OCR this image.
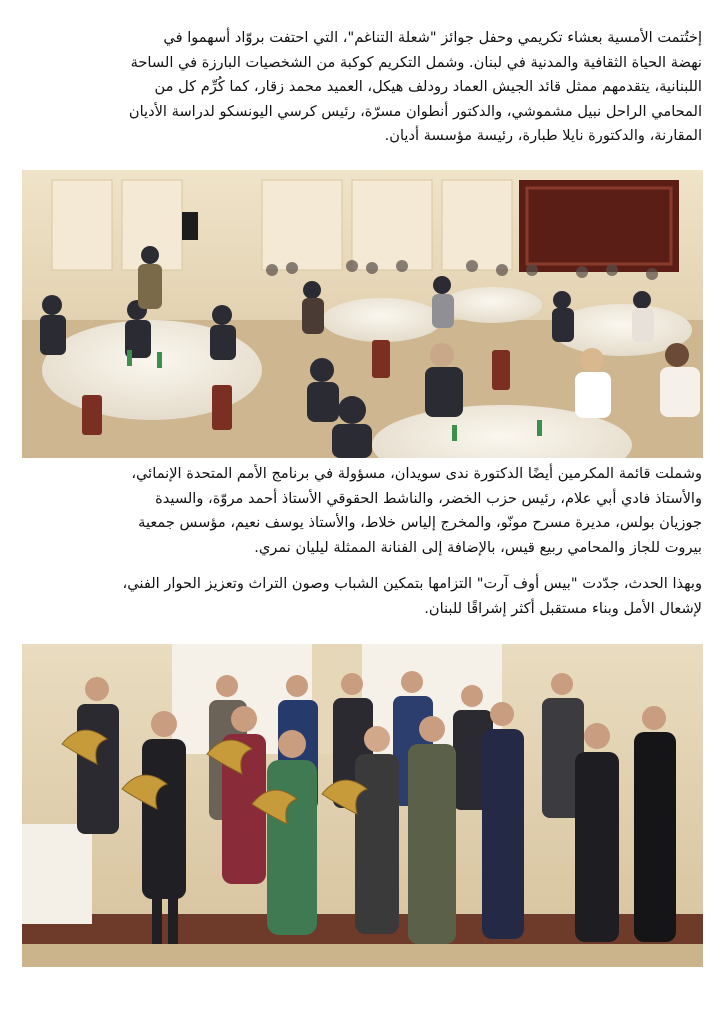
إختُتمت الأمسية بعشاء تكريمي وحفل جوائز "شعلة التناغم"، التي احتفت بروّاد أسهموا في
نهضة الحياة الثقافية والمدنية في لبنان. وشمل التكريم كوكبة من الشخصيات البارزة في الساحة
اللبنانية، يتقدمهم ممثل قائد الجيش العماد رودلف هيكل، العميد محمد زقار، كما كُرِّم كل من
المحامي الراحل نبيل مشموشي، والدكتور أنطوان مسرّة، رئيس كرسي اليونسكو لدراسة الأديان
المقارنة، والدكتورة نايلا طبارة، رئيسة مؤسسة أديان.
وشملت قائمة المكرمين أيضًا الدكتورة ندى سويدان، مسؤولة في برنامج الأمم المتحدة الإنمائي،
والأستاذ فادي أبي علام، رئيس حزب الخضر، والناشط الحقوقي الأستاذ أحمد مروّة، والسيدة
جوزيان بولس، مديرة مسرح مونّو، والمخرج إلياس خلاط، والأستاذ يوسف نعيم، مؤسس جمعية
بيروت للجاز والمحامي ربيع قيس، بالإضافة إلى الفنانة الممثلة ليليان نمري.
وبهذا الحدث، جدّدت "بيس أوف آرت" التزامها بتمكين الشباب وصون التراث وتعزيز الحوار الفني،
لإشعال الأمل وبناء مستقبل أكثر إشراقًا للبنان.
